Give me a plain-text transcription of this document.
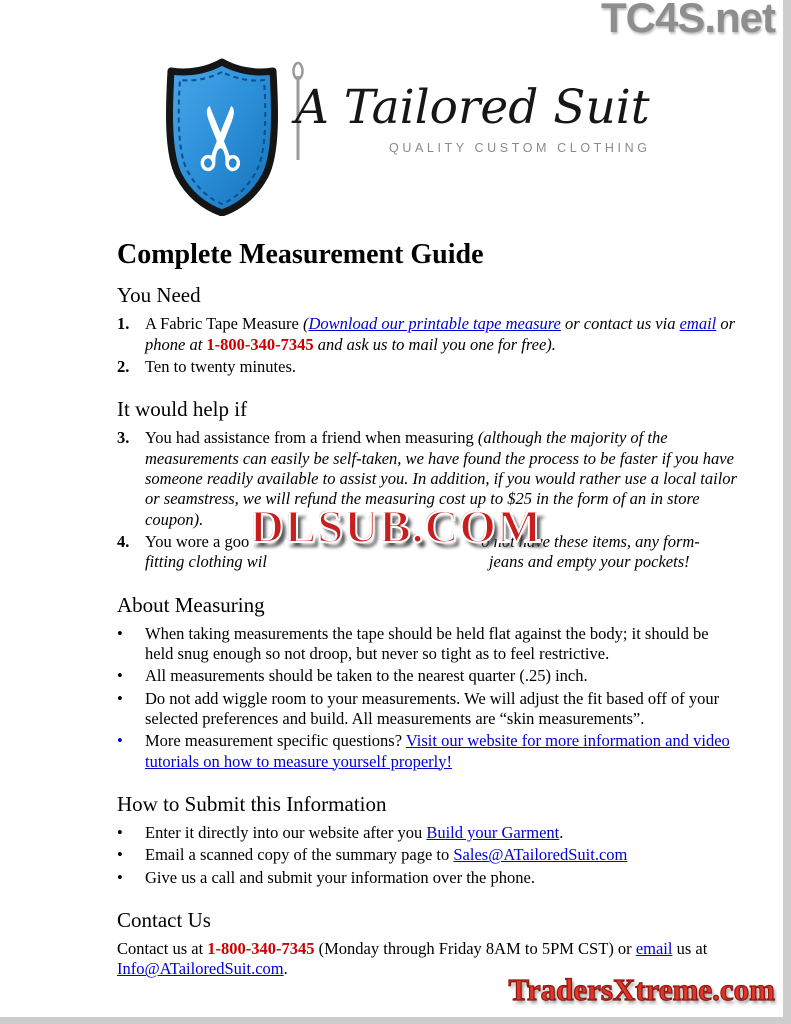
TC4S.net
✂ A Tailored Suit
QUALITY CUSTOM CLOTHING
Complete Measurement Guide
You Need
1. A Fabric Tape Measure (Download our printable tape measure or contact us via email or phone at 1-800-340-7345 and ask us to mail you one for free).
2. Ten to twenty minutes.
It would help if
3. You had assistance from a friend when measuring (although the majority of the measurements can easily be self-taken, we have found the process to be faster if you have someone readily available to assist you. In addition, if you would rather use a local tailor or seamstress, we will refund the measuring cost up to $25 in the form of an in store coupon).
4. You wore a goo	o not have these items, any form-
fitting clothing wil	jeans and empty your pockets!
About Measuring
•	When taking measurements the tape should be held flat against the body; it should be held snug enough so not droop, but never so tight as to feel restrictive.
•	All measurements should be taken to the nearest quarter (.25) inch.
•	Do not add wiggle room to your measurements. We will adjust the fit based off of your selected preferences and build. All measurements are “skin measurements”.
•	More measurement specific questions? Visit our website for more information and video tutorials on how to measure yourself properly!
How to Submit this Information
•	Enter it directly into our website after you Build your Garment.
•	Email a scanned copy of the summary page to Sales@ATailoredSuit.com
•	Give us a call and submit your information over the phone.
Contact Us

Contact us at 1-800-340-7345 (Monday through Friday 8AM to 5PM CST) or email us at Info@ATailoredSuit.com.

DLSUB.COM
TradersXtreme.com
